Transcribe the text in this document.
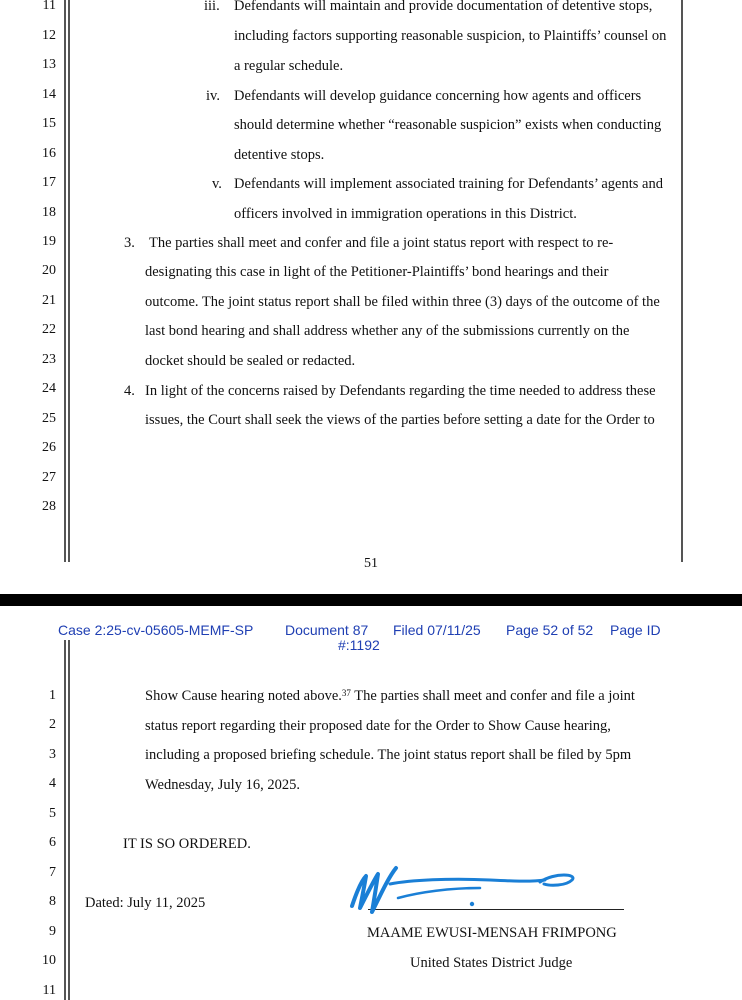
11
12
13
14
15
16
17
18
19
20
21
22
23
24
25
26
27
28
iii. Defendants will maintain and provide documentation of detentive stops,
including factors supporting reasonable suspicion, to Plaintiffs’ counsel on
a regular schedule.
iv. Defendants will develop guidance concerning how agents and officers
should determine whether “reasonable suspicion” exists when conducting
detentive stops.
v. Defendants will implement associated training for Defendants’ agents and
officers involved in immigration operations in this District.
3. The parties shall meet and confer and file a joint status report with respect to re-
designating this case in light of the Petitioner-Plaintiffs’ bond hearings and their
outcome. The joint status report shall be filed within three (3) days of the outcome of the
last bond hearing and shall address whether any of the submissions currently on the
docket should be sealed or redacted.
4. In light of the concerns raised by Defendants regarding the time needed to address these
issues, the Court shall seek the views of the parties before setting a date for the Order to
51
Case 2:25-cv-05605-MEMF-SP Document 87 Filed 07/11/25 Page 52 of 52 Page ID
#:1192
1
2
3
4
5
6
7
8
9
10
11
Show Cause hearing noted above.$^{37}$ The parties shall meet and confer and file a joint
status report regarding their proposed date for the Order to Show Cause hearing,
including a proposed briefing schedule. The joint status report shall be filed by 5pm
Wednesday, July 16, 2025.
IT IS SO ORDERED.
Dated: July 11, 2025
MAAME EWUSI-MENSAH FRIMPONG
United States District Judge
